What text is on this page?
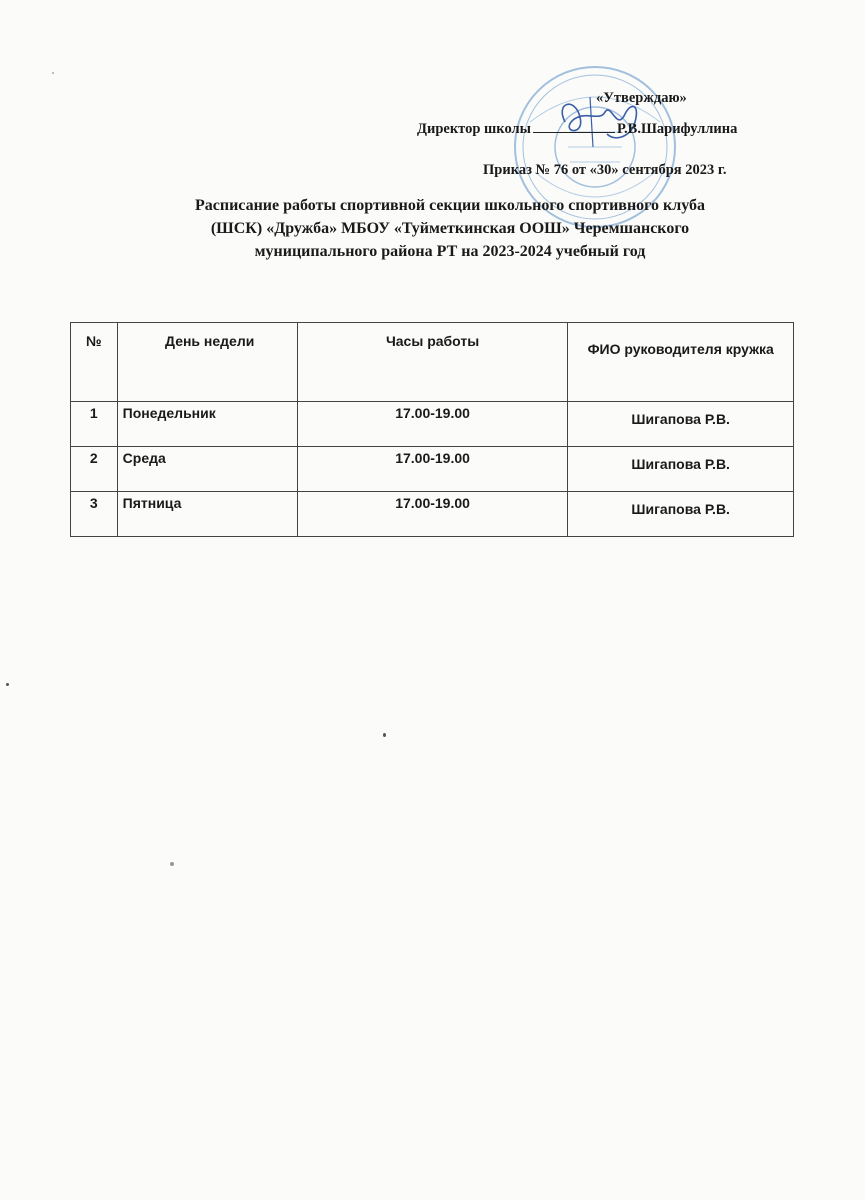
«Утверждаю»
Директор школы	Р.В.Шарифуллина
Приказ № 76 от «30» сентября 2023 г.
Расписание работы спортивной секции школьного спортивного клуба
(ШСК) «Дружба» МБОУ «Туйметкинская ООШ» Черемшанского
муниципального района РТ на 2023-2024 учебный год
№	День недели	Часы работы	ФИО руководителя кружка
1	Понедельник	17.00-19.00	Шигапова Р.В.
2	Среда	17.00-19.00	Шигапова Р.В.
3	Пятница	17.00-19.00	Шигапова Р.В.
